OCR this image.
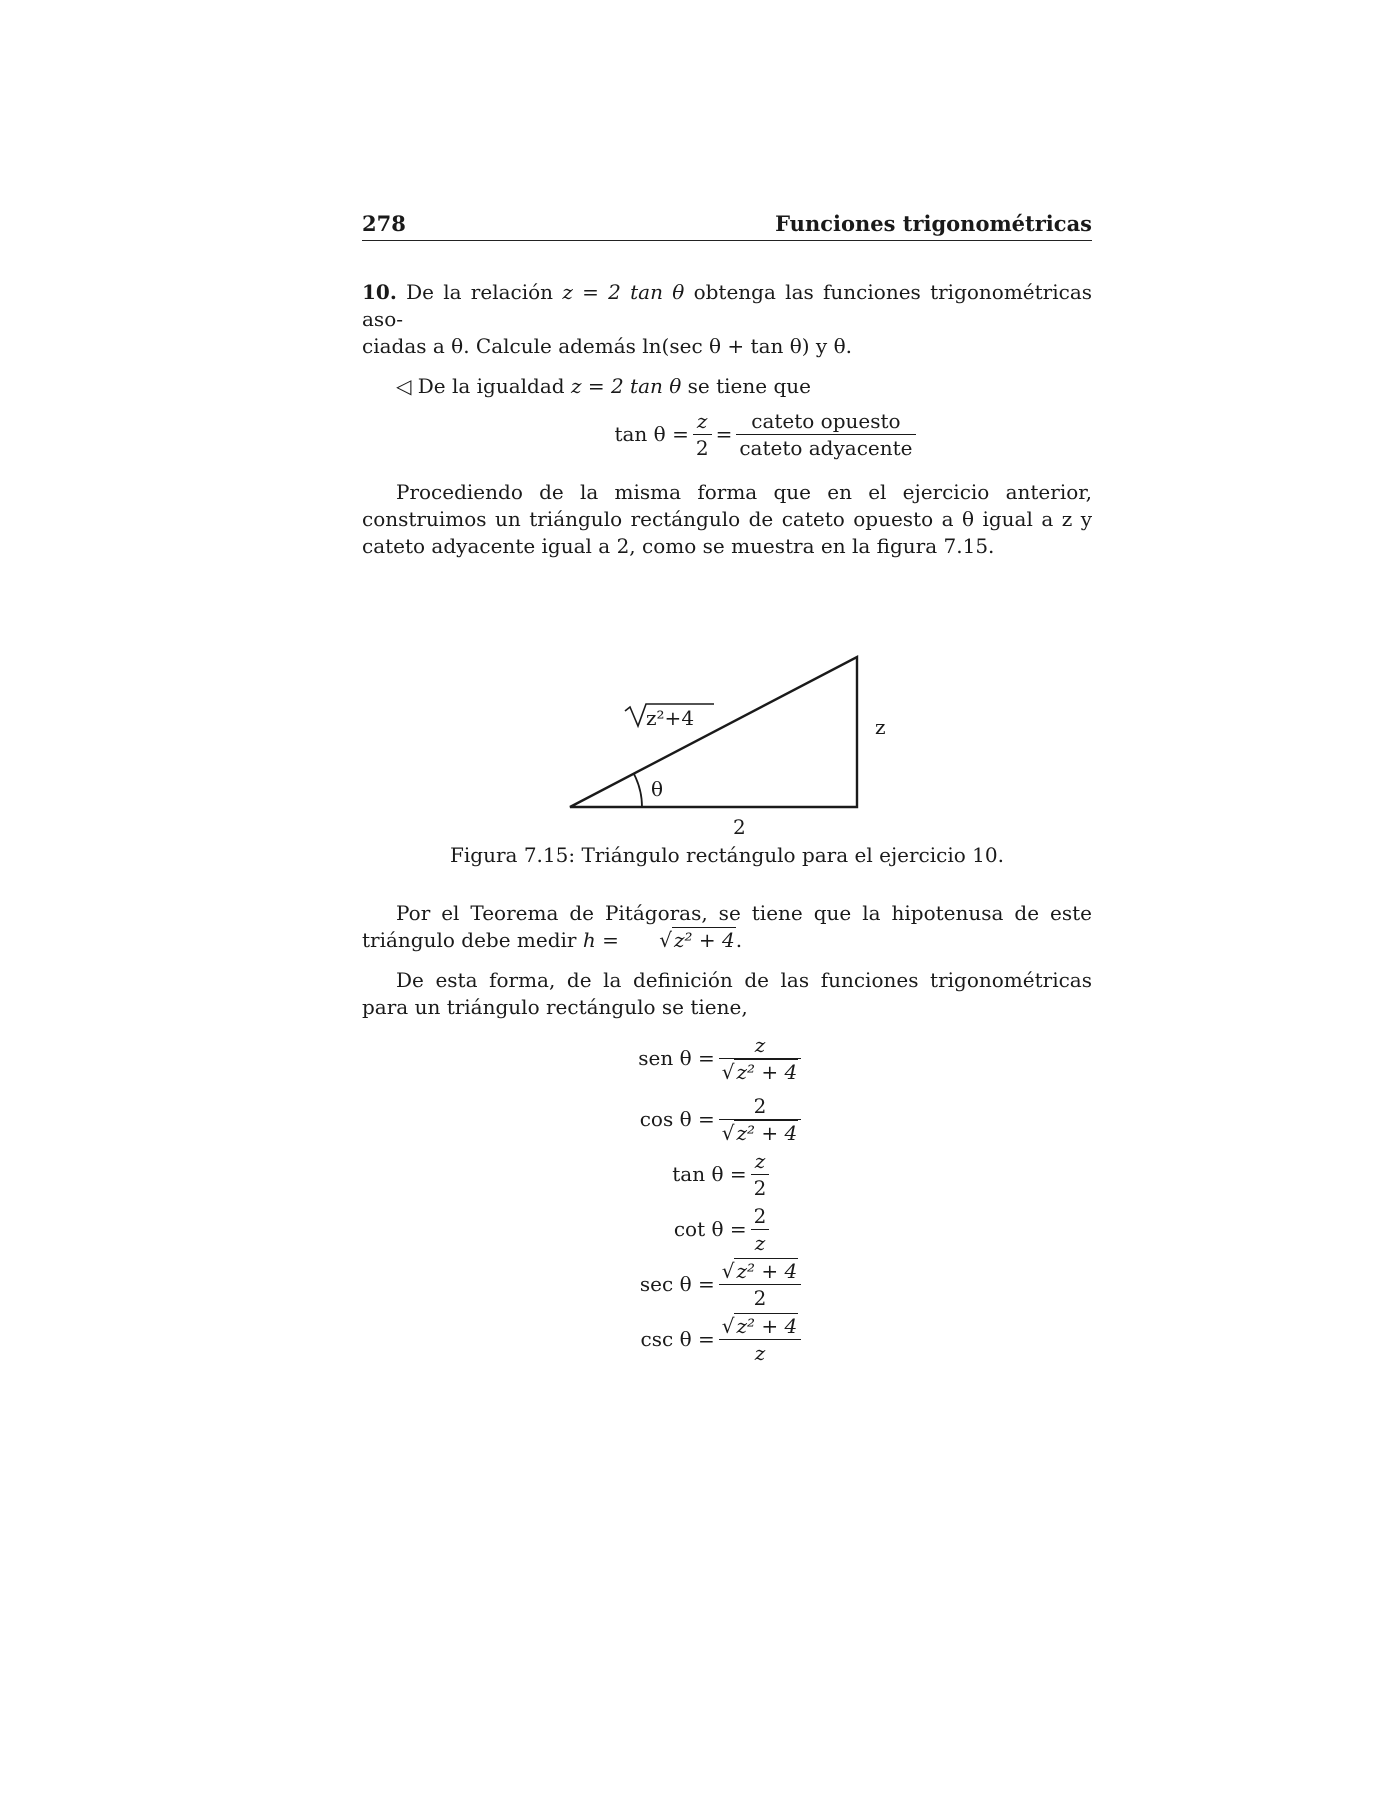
278	Funciones trigonométricas

10. De la relación z = 2 tan θ obtenga las funciones trigonométricas aso-
ciadas a θ. Calcule además ln(sec θ + tan θ) y θ.

◁ De la igualdad z = 2 tan θ se tiene que

$\tan \theta = \frac{z}{2} = \frac{\text{cateto opuesto}}{\text{cateto adyacente}}$

Procediendo de la misma forma que en el ejercicio anterior, construimos un triángulo rectángulo de cateto opuesto a θ igual a z y cateto adyacente igual a 2, como se muestra en la figura 7.15.

z²+4	z
θ
2

Figura 7.15: Triángulo rectángulo para el ejercicio 10.

Por el Teorema de Pitágoras, se tiene que la hipotenusa de este triángulo debe medir h = √ z² + 4.

De esta forma, de la definición de las funciones trigonométricas para un triángulo rectángulo se tiene,

sen $\theta = \frac{z}{\text{√ z² + 4}}$
$\cos \theta = \frac{2}{\text{√ z² + 4}}$
$\tan \theta = \frac{z}{2}$
$\cot \theta = \frac{2}{z}$
$\sec \theta = \frac{\text{√ z² + 4}}{2}$
$\csc \theta = \frac{\text{√ z² + 4}}{z}$
